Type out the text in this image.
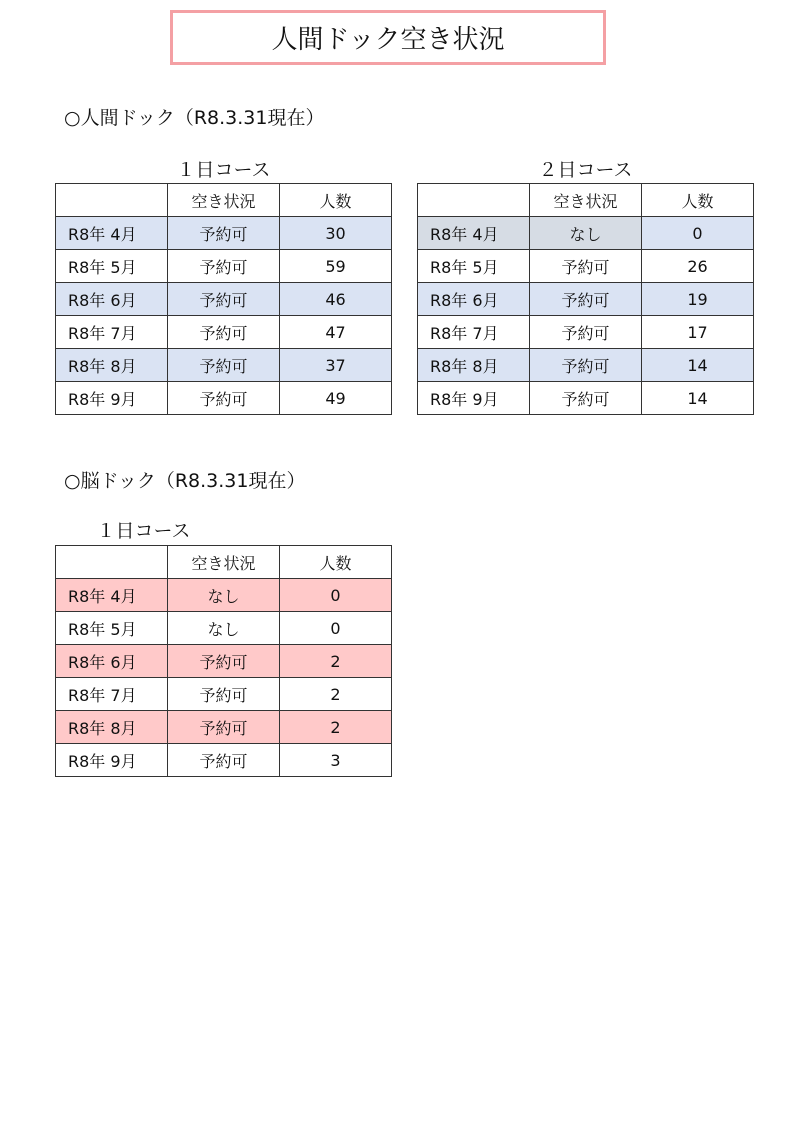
人間ドック空き状況
○人間ドック（R8.3.31現在）
１日コース	２日コース
	空き状況	人数
R8年 4月	予約可	30
R8年 5月	予約可	59
R8年 6月	予約可	46
R8年 7月	予約可	47
R8年 8月	予約可	37
R8年 9月	予約可	49
	空き状況	人数
R8年 4月	なし	0
R8年 5月	予約可	26
R8年 6月	予約可	19
R8年 7月	予約可	17
R8年 8月	予約可	14
R8年 9月	予約可	14
○脳ドック（R8.3.31現在）
１日コース
	空き状況	人数
R8年 4月	なし	0
R8年 5月	なし	0
R8年 6月	予約可	2
R8年 7月	予約可	2
R8年 8月	予約可	2
R8年 9月	予約可	3
